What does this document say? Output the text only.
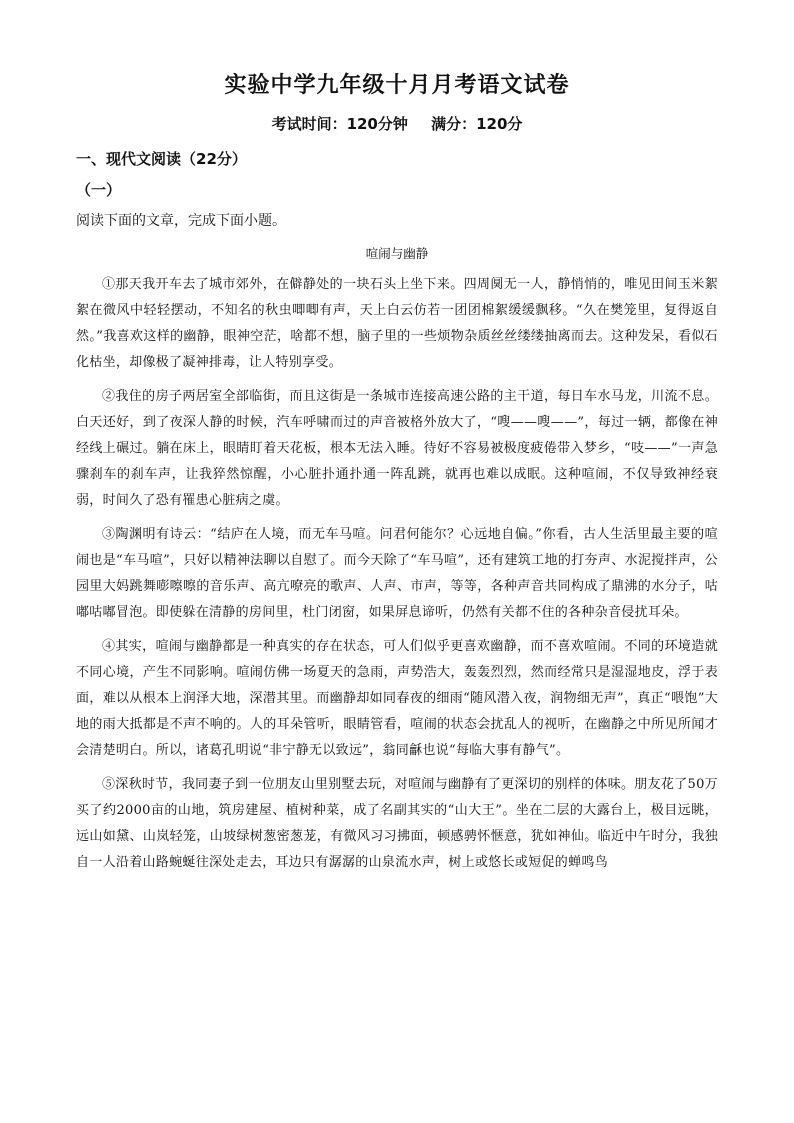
实验中学九年级十月月考语文试卷
考试时间：120分钟 满分：120分
一、现代文阅读（22分）
（一）
阅读下面的文章，完成下面小题。
喧闹与幽静

①那天我开车去了城市郊外，在僻静处的一块石头上坐下来。四周阒无一人，静悄悄的，唯见田间玉米絮絮在微风中轻轻摆动，不知名的秋虫唧唧有声，天上白云仿若一团团棉絮缓缓飘移。“久在樊笼里，复得返自然。”我喜欢这样的幽静，眼神空茫，啥都不想，脑子里的一些烦物杂质丝丝缕缕抽离而去。这种发呆，看似石化枯坐，却像极了凝神排毒，让人特别享受。

②我住的房子两居室全部临街，而且这街是一条城市连接高速公路的主干道，每日车水马龙，川流不息。白天还好，到了夜深人静的时候，汽车呼啸而过的声音被格外放大了，“嗖——嗖——”，每过一辆，都像在神经线上碾过。躺在床上，眼睛盯着天花板，根本无法入睡。待好不容易被极度疲倦带入梦乡，“吱——”一声急骤刹车的刹车声，让我猝然惊醒，小心脏扑通扑通一阵乱跳，就再也难以成眠。这种喧闹，不仅导致神经衰弱，时间久了恐有罹患心脏病之虞。

③陶渊明有诗云：“结庐在人境，而无车马喧。问君何能尔？心远地自偏。”你看，古人生活里最主要的喧闹也是“车马喧”，只好以精神法聊以自慰了。而今天除了“车马喧”，还有建筑工地的打夯声、水泥搅拌声，公园里大妈跳舞嘭嚓嚓的音乐声、高亢嘹亮的歌声、人声、市声，等等，各种声音共同构成了鼎沸的水分子，咕嘟咕嘟冒泡。即使躲在清静的房间里，杜门闭窗，如果屏息谛听，仍然有关都不住的各种杂音侵扰耳朵。

④其实，喧闹与幽静都是一种真实的存在状态，可人们似乎更喜欢幽静，而不喜欢喧闹。不同的环境造就不同心境，产生不同影响。喧闹仿佛一场夏天的急雨，声势浩大，轰轰烈烈，然而经常只是湿湿地皮，浮于表面，难以从根本上润泽大地，深潜其里。而幽静却如同春夜的细雨“随风潜入夜，润物细无声”，真正“喂饱”大地的雨大抵都是不声不响的。人的耳朵管听，眼睛管看，喧闹的状态会扰乱人的视听，在幽静之中所见所闻才会清楚明白。所以，诸葛孔明说“非宁静无以致远”，翁同龢也说“每临大事有静气”。

⑤深秋时节，我同妻子到一位朋友山里别墅去玩，对喧闹与幽静有了更深切的别样的体味。朋友花了50万买了约2000亩的山地，筑房建屋、植树种菜，成了名副其实的“山大王”。坐在二层的大露台上，极目远眺，远山如黛、山岚轻笼，山坡绿树葱密葱茏，有微风习习拂面，顿感骋怀惬意，犹如神仙。临近中午时分，我独自一人沿着山路蜿蜒往深处走去，耳边只有潺潺的山泉流水声，树上或悠长或短促的蝉鸣鸟
